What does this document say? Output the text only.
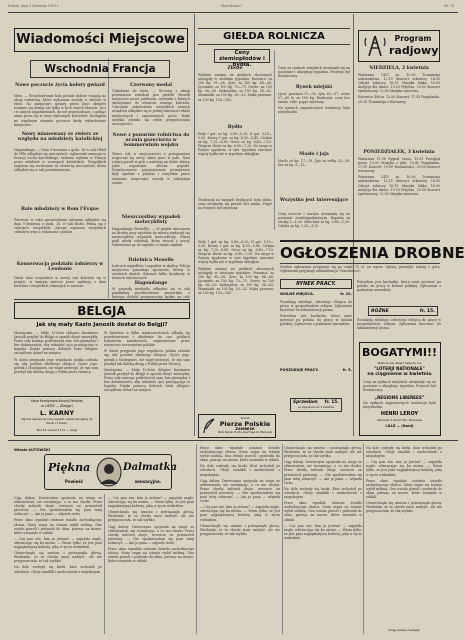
Sobota, dnia 1 Kwietnia 1933 r.	"Narodowiec"	Nr. 75
Wiadomości Miejscowe
Wschodnia Francja
Nowe poczucie życia kolory gwiazd

Metz. — Wszechstronne koła polskie dobrze reagują na akcję radziecką, które wykonane zostały w obronie w Metz. Na miejscowe sprawy przez Ilość okrętów rozumie się dzisiaj nie tylko w tych swoich klasach, lecz i w innych zagadnieniach, do nie przychodzące, z podjąć samo przez się w ciszy wybranych kościołów. Następnie po wspólnym staraniu poczucie kiedy wybudowano miejscowe.

Nowy mianowany ze zwierz ze względu na młodzieży katolickiej

Hagondange. — Dnia 9 kwietnia o godz. 16 w sali Hôtel de Ville odbędzie się uroczystość, ogłoszenie zwanego w Francji ruchu katolickiego, zebrana wydana w Francji przez młodzież w szeregach katolickich. Wszystkich zaprasza się serdecznie na obszerną uroczystość, która odbędzie się w sali przedstawienia.

Bale młodzieży w Rom l'Evque

Pierwsze w roku sprawozdania zebrania odbędzie się dnia 9 kwietnia o godz. 16, w sali klubu. Pełnią się z członków wszystkich. Zarząd zaprasza wszystkich członków wraz z rodzinami i gośćmi.

Konserwacja podziału żołnierzy w Lendonie

Dzień dnia wszystkich w nowej sali kościoła się w przyjść, w tamtym mieście przez nadzieję o dniu kwietnia i wszystkich zebranych w mieście.

Czerwony medal

Udzielenie do Metz. — Wczoraj z okazji przemarszu zwiedzał pan prefekt Moselli miejscowe prace publiczne, wywiadu z których skorzystano do otwarcia nowego kościoła. Uroczyste zakończenie wszystkich nowych urządzeń odbędzie się w pełnej obecności władz miejscowych i zaproszonych gości. Rada miejska zebrała się celem przygotowania uroczystości.

Nowe z ponurnie rolnictwa do ucznia gazeciarza w Sommerwiniu wojsku

Trzeci rok w miejscowości z pożegnaniem rozpoczął się nowy okres prac w polu. Nasi rolnicy poszli w pole z nadzieją na dobre zbiory, jakie zapowiada obecna pogoda. Dotychczasowe przygotowania prowadzone były zgodnie z planem i wszystkie prace wiosenne rozpoczęte zostały w należytym czasie.

Nieszczęśliwy wypadek motocyklisty

Hagondange (Moselle). — W piątek wieczorem na drodze przy wjeździe do miasta wydarzył się nieszczęśliwy wypadek motocyklowy. Ofiarą padł młody robotnik, który wracał z pracy. Odwieziono go do szpitala w stanie ciężkim.

Dzielnica Moselle

Łańcuch wypadków i napadów w okolicy. Policja miejscowa poszukuje sprawców, którzy w ostatnich dniach dokonali kilku kradzieży w domach robotniczych.

Hagondange

W przyszłą niedzielę odbędzie się w sali parafialnej przedstawienie amatorskie, z którego dochód przeznaczony będzie na cele

BELGJA
Jak się mały Kazio Janosik dostał do Belgji?

Montignies. — Mały 12-letni chłopiec Kazimierz Janosik przybył do Belgji w sposób dosyć niezwykły. Przez cały miesiąc podróżował sam, bez pieniędzy i bez dokumentów, aby odnaleźć ojca pracującego w kopalni. Dzięki pomocy dobrych ludzi chłopiec szczęśliwie dotarł na miejsce.

W dzień przyjazdu jego wspólnota polska zebrała się, aby powitać dzielnego chłopca. Ojciec jego, górnik z Montignies, nie mógł uwierzyć, że syn sam przebył tak daleką drogę z Polski przez Niemcy.

W kwietniu w kilku miejscowościach odbędą się przedstawienia i akademie ku czci polskich bohaterów narodowych, organizowane przez miejscowe towarzystwa polskie.

W dzień przyjazdu jego wspólnota polska zebrała się, aby powitać dzielnego chłopca. Ojciec jego, górnik z Montignies, nie mógł uwierzyć, że syn sam przebył tak daleką drogę z Polski przez Niemcy.

Montignies. — Mały 12-letni chłopiec Kazimierz Janosik przybył do Belgji w sposób dosyć niezwykły. Przez cały miesiąc podróżował sam, bez pieniędzy i bez dokumentów, aby odnaleźć ojca pracującego w kopalni. Dzięki pomocy dobrych ludzi chłopiec szczęśliwie dotarł na miejsce.

Kasa Kredytowa Kolonji Polskiej
w LIEGE — (Belgja)
L. KARNY
Ogólna ewidencja kasy wypłat i wpłat pieniędzy do Polski i z Polski.
Rue St. Léonard 171 — Liège
GIEŁDA ROLNICZA
Ceny ziemiopłodów i bydła.
Zboże

Wybitne zmiany na giełdach zbożowych nastąpiły w ostatnim tygodniu. Pszenica: za 100 kg. 95—98. Żyto: za 100 kg. 64—66. Jęczmień: za 100 kg. 70—73. Owies: za 100 kg. 56—59. Kukurydza: za 100 kg. 58—62. Ziemniaki: za 100 kg. 28—32. Mąka pszenna: za 100 kg. 150—160.

Bydło

Woły I gat. za kg. 5,80—6,20; II gat. 5,10—5,50. Krowy I gat. za kg. 4,90—5,40. Cielęta za kg. 7,20—8,80. Owce za kg. 6,40—7,10. Wieprze tłuste za kg. 6,80—7,20. Na targu w Paryżu spędzono w tym tygodniu znacznie więcej bydła niż w tygodniu ubiegłym.

Tendencja na targach bydlęcych była słaba, ceny utrzymały się prawie bez zmian. Popyt na wieprze był ożywiony.

Rynek miejski

Ceny na rynkach miejskich utrzymały się na poziomie z ubiegłego tygodnia. Przywóz był dostateczny.

Lyon: pszenica 97—99, żyto 65—67, owies 57—60 fr. za 100 kg. Bordeaux: ceny bez zmian. Lille: popyt ożywiony.

Na rynkach zagranicznych tendencja była niejednolita.

Masło i jaja

Masło za kg. 17—19. Jaja za setkę 52—58. Ser za kg. 8—12.

Wszystko jest interesujące

Ceny owoców i warzyw utrzymały się na poziomie zeszłotygodniowym. Kapusta za sztukę 1—1,50. Marchew za kg. 0,80—1,00. Cebula za kg. 1,20—1,50.

OGŁOSZENIA DROBNE

Drobne ogłoszenia przyjmuje się po cenie 75 ct. za wyraz. Opłatę przesyłać należy z góry. Ogłoszenia przyjmuje administracja "Narodowca".

Woły I gat. za kg. 5,80—6,20; II gat. 5,10—5,50. Krowy I gat. za kg. 4,90—5,40. Cielęta za kg. 7,20—8,80. Owce za kg. 6,40—7,10. Wieprze tłuste za kg. 6,80—7,20. Na targu w Paryżu spędzono w tym tygodniu znacznie więcej bydła niż w tygodniu ubiegłym.

Wybitne zmiany na giełdach zbożowych nastąpiły w ostatnim tygodniu. Pszenica: za 100 kg. 95—98. Żyto: za 100 kg. 64—66. Jęczmień: za 100 kg. 70—73. Owies: za 100 kg. 56—59. Kukurydza: za 100 kg. 58—62. Ziemniaki: za 100 kg. 28—32. Mąka pszenna: za 100 kg. 150—160.

RYNEK PRACY.
WOLNE MIEJSCA.	fr. 10.

Poszukuję młodego, zdrowego chłopca do pracy w gospodarstwie rolnym. Zgłoszenia kierować do administracji pisma.

Potrzebna jest kucharka, która umie gotować po polsku, do pracy w kolonii polskiej. Zgłoszenia z podaniem warunków.

POSZUKUJĘ PRACY.	fr. 5.
Sprzedam	fr. 15.
po zgłoszeniu do 5 kwietnia

Potrzebna jest kucharka, która umie gotować po polsku, do pracy w kolonii polskiej. Zgłoszenia z podaniem warunków.

RÓŻNE	fr. 15.

Poszukuję młodego, zdrowego chłopca do pracy w gospodarstwie rolnym. Zgłoszenia kierować do administracji pisma.

Program
radjowy
NIEDZIELA, 2 kwietnia

Warszawa 1411 m. 10.00 Transmisja nabożeństwa. 12.15 Koncert orkiestry. 14.00 Odczyt rolniczy. 16.15 Muzyka lekka. 18.00 Audycja dla dzieci. 19.20 Feljeton. 20.00 Koncert symfoniczny. 22.00 Muzyka taneczna.

Katowice 408 m. 12.00 Koncert. 17.45 Pogadanka. 20.00 Transmisja z Warszawy.

PONIEDZIAŁEK, 3 kwietnia

Warszawa 11.58 Sygnał czasu. 12.05 Przegląd prasy. 13.00 Muzyka z płyt. 16.40 Pogadanka. 17.00 Koncert. 19.00 Rozmaitości. 20.00 Koncert wieczorny.

Warszawa 1411 m. 10.00 Transmisja nabożeństwa. 12.15 Koncert orkiestry. 14.00 Odczyt rolniczy. 16.15 Muzyka lekka. 18.00 Audycja dla dzieci. 19.20 Feljeton. 20.00 Koncert symfoniczny. 22.00 Muzyka taneczna.

BOGATYMI!!
Stańcie się dzięki nabyciu los
"LOTERJI NATIONALE"
na ciągnienie w kwietniu

Ceny na rynkach miejskich utrzymały się na poziomie z ubiegłego tygodnia. Przywóz był dostateczny.

„REGIONS LIBEREES”

Na rynkach zagranicznych tendencja była niejednolita.

HENRI LEROY
Zaufanie 3 Grand Ste. Chaussée
LILLE — (Nord)
brand
Pierze Polskie
ZAMBESK
Zbiór Pierza i Puchu. Rue Fosse 12, Paris-Lille
Wiosła ŁUTOWSKI
Piękna	Dalmatka
Powieść	sensacyjna.

Ciąg dalszy. Dziewczyna spojrzała na niego ze zdziwieniem, nie rozumiejąc, o co mu chodzi. Przez chwilę milczeli oboje, wreszcie on przemówił pierwszy: — Nie spodziewałem się pani tutaj zobaczyć. — Ani ja pana — odparła cicho.

Przez okno wpadało ostatnie światło zachodzącego słońca. Stary zegar na ścianie wybił siódmą. Ona wstała powoli i podeszła do okna, patrząc na morze, które szumiało w oddali.

— Czy pan wie, kim ja jestem? — zapytała nagle, odwracając się ku niemu. — Wiem tylko, że jest pani najpiękniejszą kobietą, jaką w życiu widziałem.

Uśmiechnęła się smutno i potrząsnęła głową. Wiedziała, że ta chwila musi nadejść, ale nie przypuszczała, że tak szybko.

Na dole rozległy się kroki. Ktoś wchodził po schodach. Oboje zamilkli i nasłuchiwali z niepokojem.

— Czy pan wie, kim ja jestem? — zapytała nagle, odwracając się ku niemu. — Wiem tylko, że jest pani najpiękniejszą kobietą, jaką w życiu widziałem.

Uśmiechnęła się smutno i potrząsnęła głową. Wiedziała, że ta chwila musi nadejść, ale nie przypuszczała, że tak szybko.

Ciąg dalszy. Dziewczyna spojrzała na niego ze zdziwieniem, nie rozumiejąc, o co mu chodzi. Przez chwilę milczeli oboje, wreszcie on przemówił pierwszy: — Nie spodziewałem się pani tutaj zobaczyć. — Ani ja pana — odparła cicho.

Przez okno wpadało ostatnie światło zachodzącego słońca. Stary zegar na ścianie wybił siódmą. Ona wstała powoli i podeszła do okna, patrząc na morze, które szumiało w oddali.

Przez okno wpadało ostatnie światło zachodzącego słońca. Stary zegar na ścianie wybił siódmą. Ona wstała powoli i podeszła do okna, patrząc na morze, które szumiało w oddali.

Na dole rozległy się kroki. Ktoś wchodził po schodach. Oboje zamilkli i nasłuchiwali z niepokojem.

Ciąg dalszy. Dziewczyna spojrzała na niego ze zdziwieniem, nie rozumiejąc, o co mu chodzi. Przez chwilę milczeli oboje, wreszcie on przemówił pierwszy: — Nie spodziewałem się pani tutaj zobaczyć. — Ani ja pana — odparła cicho.

— Czy pan wie, kim ja jestem? — zapytała nagle, odwracając się ku niemu. — Wiem tylko, że jest pani najpiękniejszą kobietą, jaką w życiu widziałem.

Uśmiechnęła się smutno i potrząsnęła głową. Wiedziała, że ta chwila musi nadejść, ale nie przypuszczała, że tak szybko.

Uśmiechnęła się smutno i potrząsnęła głową. Wiedziała, że ta chwila musi nadejść, ale nie przypuszczała, że tak szybko.

Ciąg dalszy. Dziewczyna spojrzała na niego ze zdziwieniem, nie rozumiejąc, o co mu chodzi. Przez chwilę milczeli oboje, wreszcie on przemówił pierwszy: — Nie spodziewałem się pani tutaj zobaczyć. — Ani ja pana — odparła cicho.

Na dole rozległy się kroki. Ktoś wchodził po schodach. Oboje zamilkli i nasłuchiwali z niepokojem.

Przez okno wpadało ostatnie światło zachodzącego słońca. Stary zegar na ścianie wybił siódmą. Ona wstała powoli i podeszła do okna, patrząc na morze, które szumiało w oddali.

— Czy pan wie, kim ja jestem? — zapytała nagle, odwracając się ku niemu. — Wiem tylko, że jest pani najpiękniejszą kobietą, jaką w życiu widziałem.

Na dole rozległy się kroki. Ktoś wchodził po schodach. Oboje zamilkli i nasłuchiwali z niepokojem.

— Czy pan wie, kim ja jestem? — zapytała nagle, odwracając się ku niemu. — Wiem tylko, że jest pani najpiękniejszą kobietą, jaką w życiu widziałem.

Przez okno wpadało ostatnie światło zachodzącego słońca. Stary zegar na ścianie wybił siódmą. Ona wstała powoli i podeszła do okna, patrząc na morze, które szumiało w oddali.

Uśmiechnęła się smutno i potrząsnęła głową. Wiedziała, że ta chwila musi nadejść, ale nie przypuszczała, że tak szybko.

(Ciąg dalszy nastąpi)
